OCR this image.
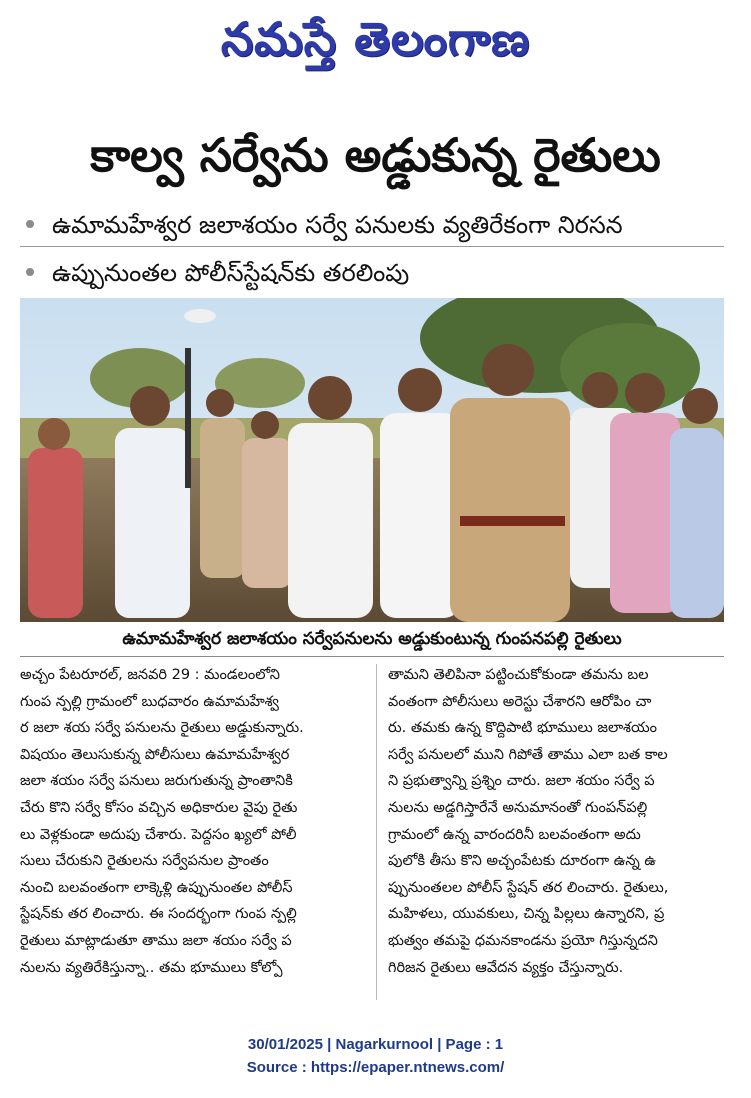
నమస్తే తెలంగాణ
కాల్వ సర్వేను అడ్డుకున్న రైతులు
ఉమామహేశ్వర జలాశయం సర్వే పనులకు వ్యతిరేకంగా నిరసన
ఉప్పునుంతల పోలీస్‌స్టేషన్‌కు తరలింపు
ఉమామహేశ్వర జలాశయం సర్వేపనులను అడ్డుకుంటున్న గుంపనపల్లి రైతులు
అచ్చం పేటరూరల్, జనవరి 29 : మండలంలోని
గుంప న్పల్లి గ్రామంలో బుధవారం ఉమామహేశ్వ
ర జలా శయ సర్వే పనులను రైతులు అడ్డుకున్నారు.
విషయం తెలుసుకున్న పోలీసులు ఉమామహేశ్వర
జలా శయం సర్వే పనులు జరుగుతున్న ప్రాంతానికి
చేరు కొని సర్వే కోసం వచ్చిన అధికారుల వైపు రైతు
లు వెళ్లకుండా అదుపు చేశారు. పెద్దసం ఖ్యలో పోలీ
సులు చేరుకుని రైతులను సర్వేపనుల ప్రాంతం
నుంచి బలవంతంగా లాక్కెళ్లి ఉప్పునుంతల పోలీస్
స్టేషన్‌కు తర లించారు. ఈ సందర్భంగా గుంప న్పల్లి
రైతులు మాట్లాడుతూ తాము జలా శయం సర్వే ప
నులను వ్యతిరేకిస్తున్నా.. తమ భూములు కోల్పో
తామని తెలిపినా పట్టించుకోకుండా తమను బల
వంతంగా పోలీసులు అరెస్టు చేశారని ఆరోపిం చా
రు. తమకు ఉన్న కొద్దిపాటి భూములు జలాశయం
సర్వే పనులలో ముని గిపోతే తాము ఎలా బత కాల
ని ప్రభుత్వాన్ని ప్రశ్నిం చారు. జలా శయం సర్వే ప
నులను అడ్డగిస్తారేనే అనుమానంతో గుంపన్‌పల్లి
గ్రామంలో ఉన్న వారందరినీ బలవంతంగా అదు
పులోకి తీసు కొని అచ్చంపేటకు దూరంగా ఉన్న ఉ
ప్పునుంతలల పోలీస్ స్టేషన్ తర లించారు. రైతులు,
మహిళలు, యువకులు, చిన్న పిల్లలు ఉన్నారని, ప్ర
భుత్వం తమపై ధమనకాండను ప్రయో గిస్తున్నదని
గిరిజన రైతులు ఆవేదన వ్యక్తం చేస్తున్నారు.
30/01/2025 | Nagarkurnool | Page : 1
Source : https://epaper.ntnews.com/
